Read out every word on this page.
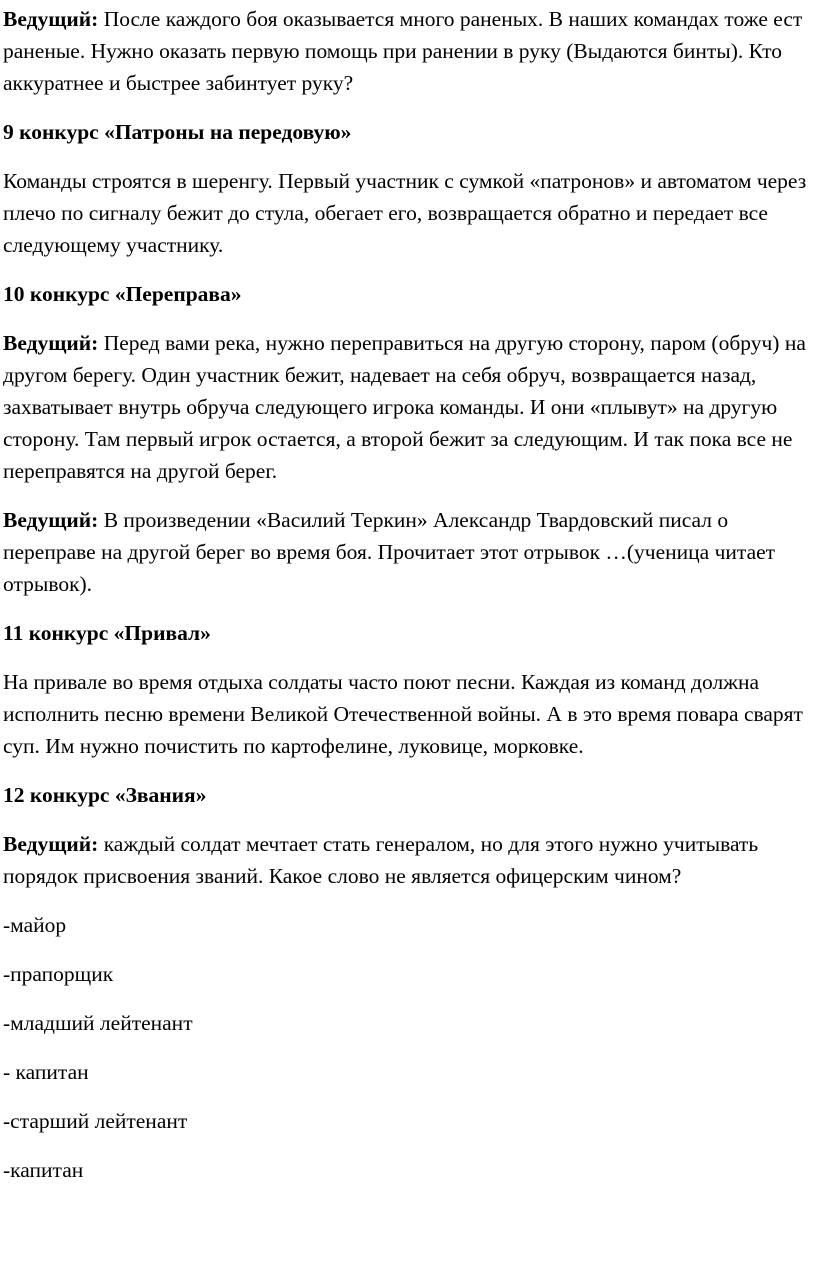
Ведущий: После каждого боя оказывается много раненых. В наших командах тоже ест раненые. Нужно оказать первую помощь при ранении в руку (Выдаются бинты). Кто аккуратнее и быстрее забинтует руку?

9 конкурс «Патроны на передовую»

Команды строятся в шеренгу. Первый участник с сумкой «патронов» и автоматом через плечо по сигналу бежит до стула, обегает его, возвращается обратно и передает все следующему участнику.

10 конкурс «Переправа»

Ведущий: Перед вами река, нужно переправиться на другую сторону, паром (обруч) на другом берегу. Один участник бежит, надевает на себя обруч, возвращается назад, захватывает внутрь обруча следующего игрока команды. И они «плывут» на другую сторону. Там первый игрок остается, а второй бежит за следующим. И так пока все не переправятся на другой берег.

Ведущий: В произведении «Василий Теркин» Александр Твардовский писал о переправе на другой берег во время боя. Прочитает этот отрывок …(ученица читает отрывок).

11 конкурс «Привал»

На привале во время отдыха солдаты часто поют песни. Каждая из команд должна исполнить песню времени Великой Отечественной войны. А в это время повара сварят суп. Им нужно почистить по картофелине, луковице, морковке.

12 конкурс «Звания»

Ведущий: каждый солдат мечтает стать генералом, но для этого нужно учитывать порядок присвоения званий. Какое слово не является офицерским чином?

-майор

-прапорщик

-младший лейтенант

- капитан

-старший лейтенант

-капитан
